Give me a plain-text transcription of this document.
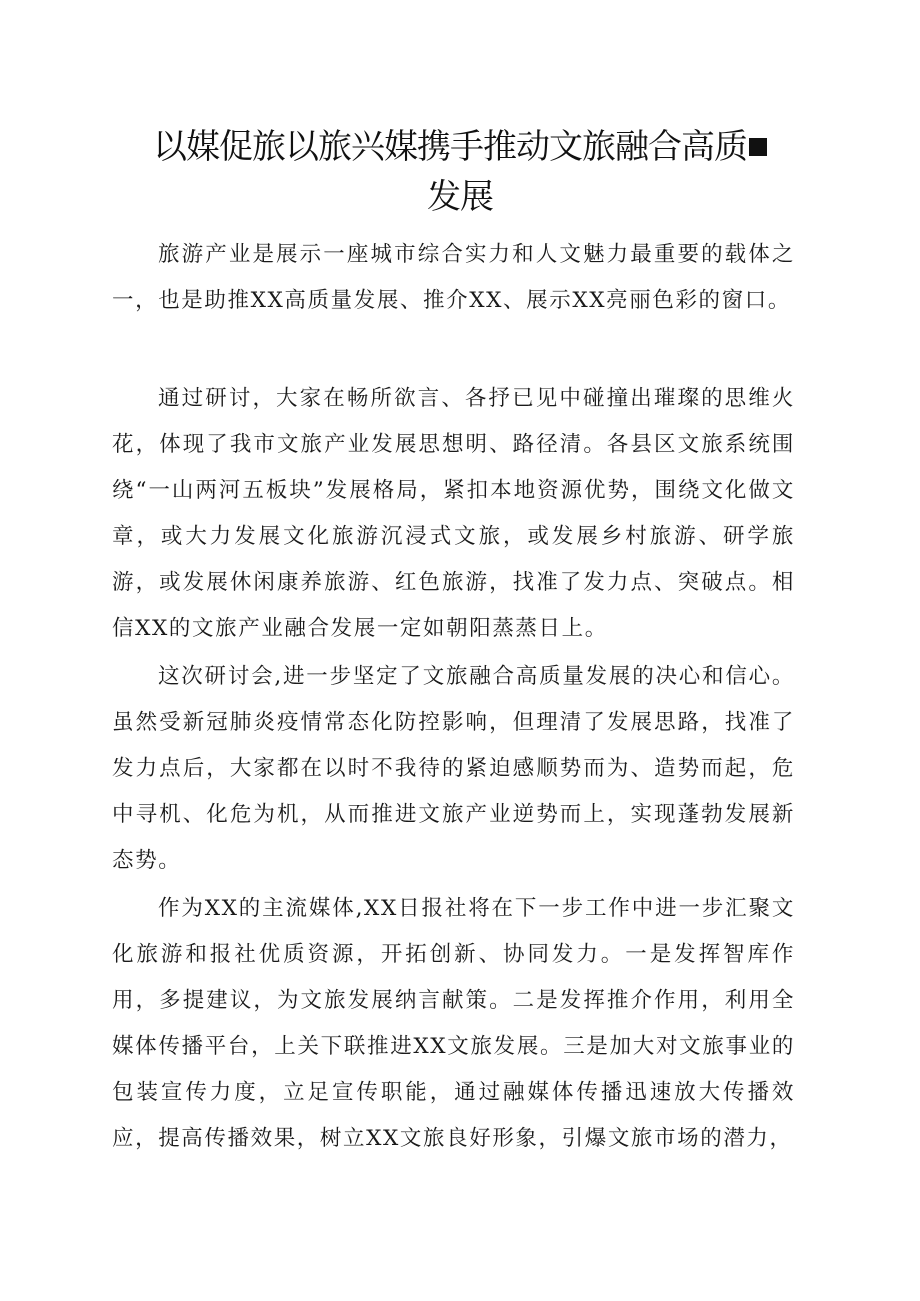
以媒促旅以旅兴媒携手推动文旅融合高质
发展

旅游产业是展示一座城市综合实力和人文魅力最重要的载体之一，也是助推XX高质量发展、推介XX、展示XX亮丽色彩的窗口。

通过研讨，大家在畅所欲言、各抒已见中碰撞出璀璨的思维火花，体现了我市文旅产业发展思想明、路径清。各县区文旅系统围绕“一山两河五板块”发展格局，紧扣本地资源优势，围绕文化做文章，或大力发展文化旅游沉浸式文旅，或发展乡村旅游、研学旅游，或发展休闲康养旅游、红色旅游，找准了发力点、突破点。相信XX的文旅产业融合发展一定如朝阳蒸蒸日上。

这次研讨会,进一步坚定了文旅融合高质量发展的决心和信心。虽然受新冠肺炎疫情常态化防控影响，但理清了发展思路，找准了发力点后，大家都在以时不我待的紧迫感顺势而为、造势而起，危中寻机、化危为机，从而推进文旅产业逆势而上，实现蓬勃发展新态势。

作为XX的主流媒体,XX日报社将在下一步工作中进一步汇聚文化旅游和报社优质资源，开拓创新、协同发力。一是发挥智库作用，多提建议，为文旅发展纳言献策。二是发挥推介作用，利用全媒体传播平台，上关下联推进XX文旅发展。三是加大对文旅事业的包装宣传力度，立足宣传职能，通过融媒体传播迅速放大传播效应，提高传播效果，树立XX文旅良好形象，引爆文旅市场的潜力，
